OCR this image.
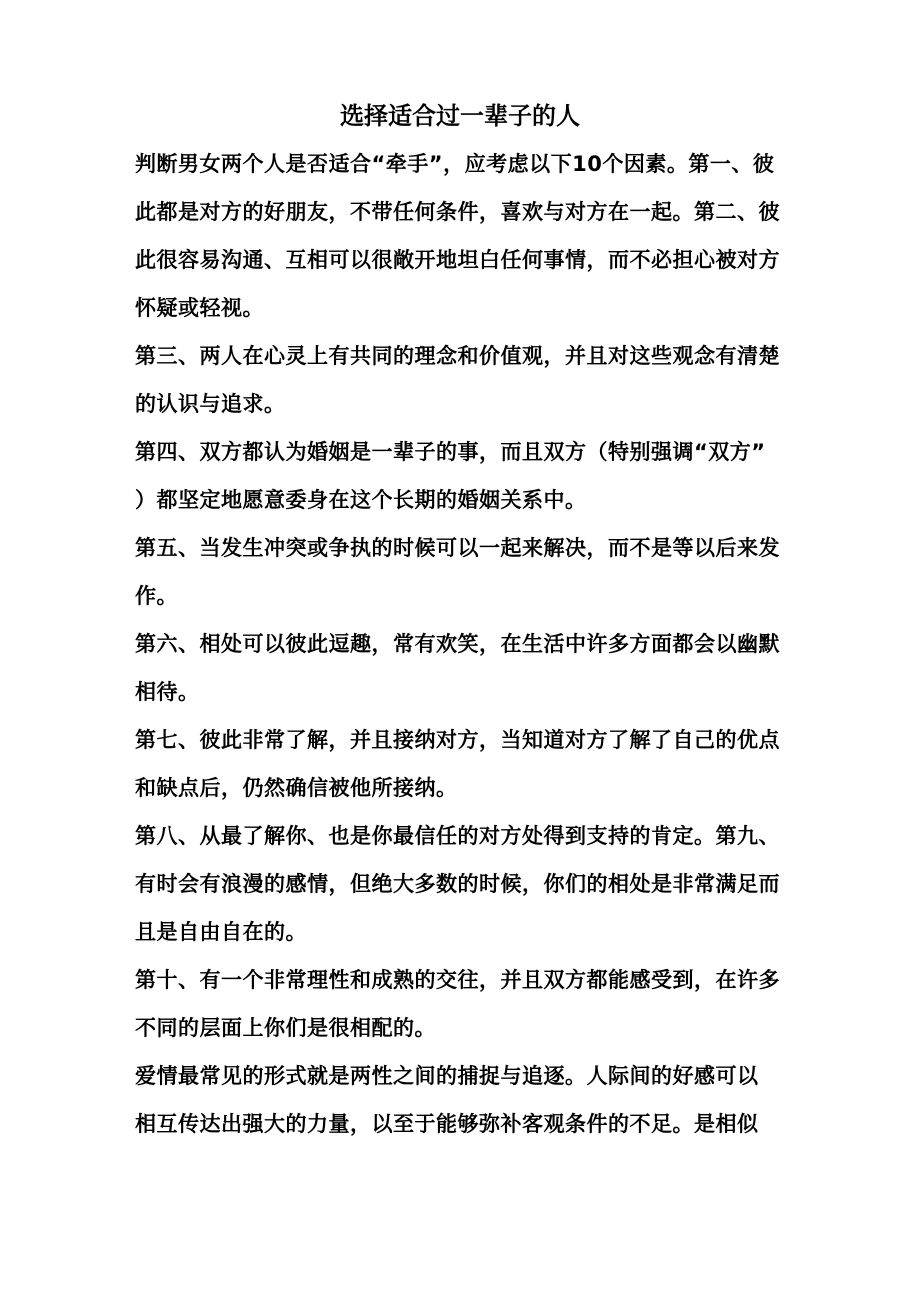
选择适合过一辈子的人

判断男女两个人是否适合“牵手”，应考虑以下10个因素。第一、彼
此都是对方的好朋友，不带任何条件，喜欢与对方在一起。第二、彼
此很容易沟通、互相可以很敞开地坦白任何事情，而不必担心被对方
怀疑或轻视。

第三、两人在心灵上有共同的理念和价值观，并且对这些观念有清楚
的认识与追求。

第四、双方都认为婚姻是一辈子的事，而且双方（特别强调“双方”
）都坚定地愿意委身在这个长期的婚姻关系中。

第五、当发生冲突或争执的时候可以一起来解决，而不是等以后来发
作。

第六、相处可以彼此逗趣，常有欢笑，在生活中许多方面都会以幽默
相待。

第七、彼此非常了解，并且接纳对方，当知道对方了解了自己的优点
和缺点后，仍然确信被他所接纳。

第八、从最了解你、也是你最信任的对方处得到支持的肯定。第九、
有时会有浪漫的感情，但绝大多数的时候，你们的相处是非常满足而
且是自由自在的。

第十、有一个非常理性和成熟的交往，并且双方都能感受到，在许多
不同的层面上你们是很相配的。

爱情最常见的形式就是两性之间的捕捉与追逐。人际间的好感可以
相互传达出强大的力量，以至于能够弥补客观条件的不足。是相似
